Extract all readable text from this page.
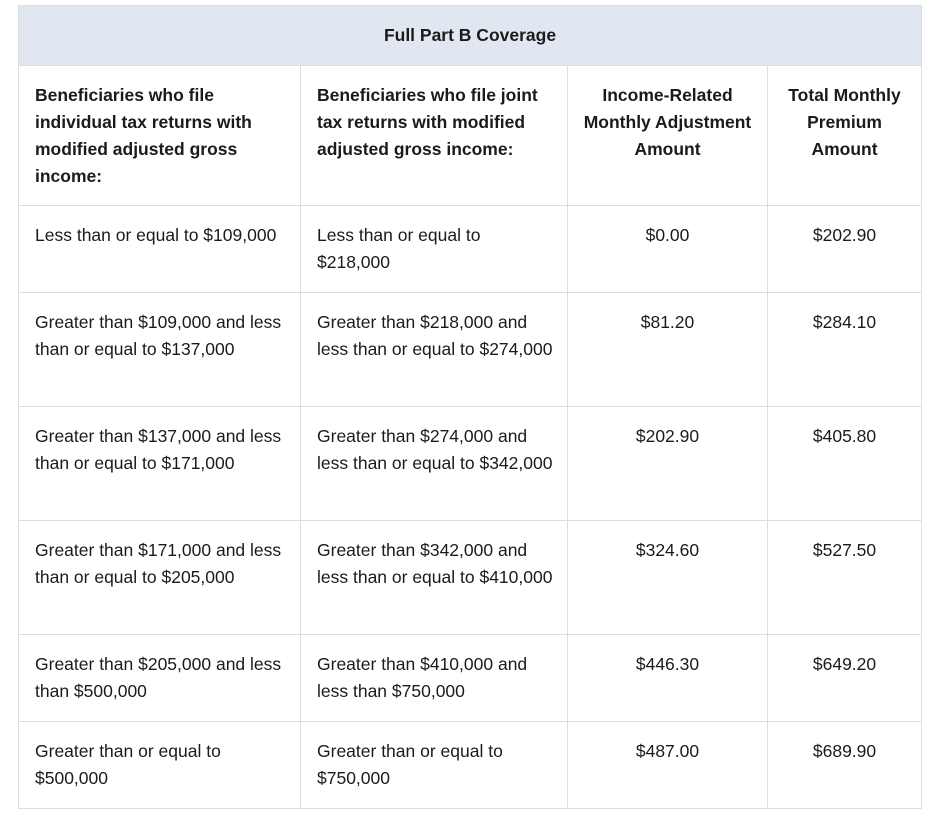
Full Part B Coverage			
Beneficiaries who file individual tax returns with modified adjusted gross income:	Beneficiaries who file joint tax returns with modified adjusted gross income:	Income-Related Monthly Adjustment Amount	Total Monthly Premium Amount
Less than or equal to $109,000	Less than or equal to $218,000	$0.00	$202.90
Greater than $109,000 and less than or equal to $137,000	Greater than $218,000 and less than or equal to $274,000	$81.20	$284.10
Greater than $137,000 and less than or equal to $171,000	Greater than $274,000 and less than or equal to $342,000	$202.90	$405.80
Greater than $171,000 and less than or equal to $205,000	Greater than $342,000 and less than or equal to $410,000	$324.60	$527.50
Greater than $205,000 and less than $500,000	Greater than $410,000 and less than $750,000	$446.30	$649.20
Greater than or equal to $500,000	Greater than or equal to $750,000	$487.00	$689.90
